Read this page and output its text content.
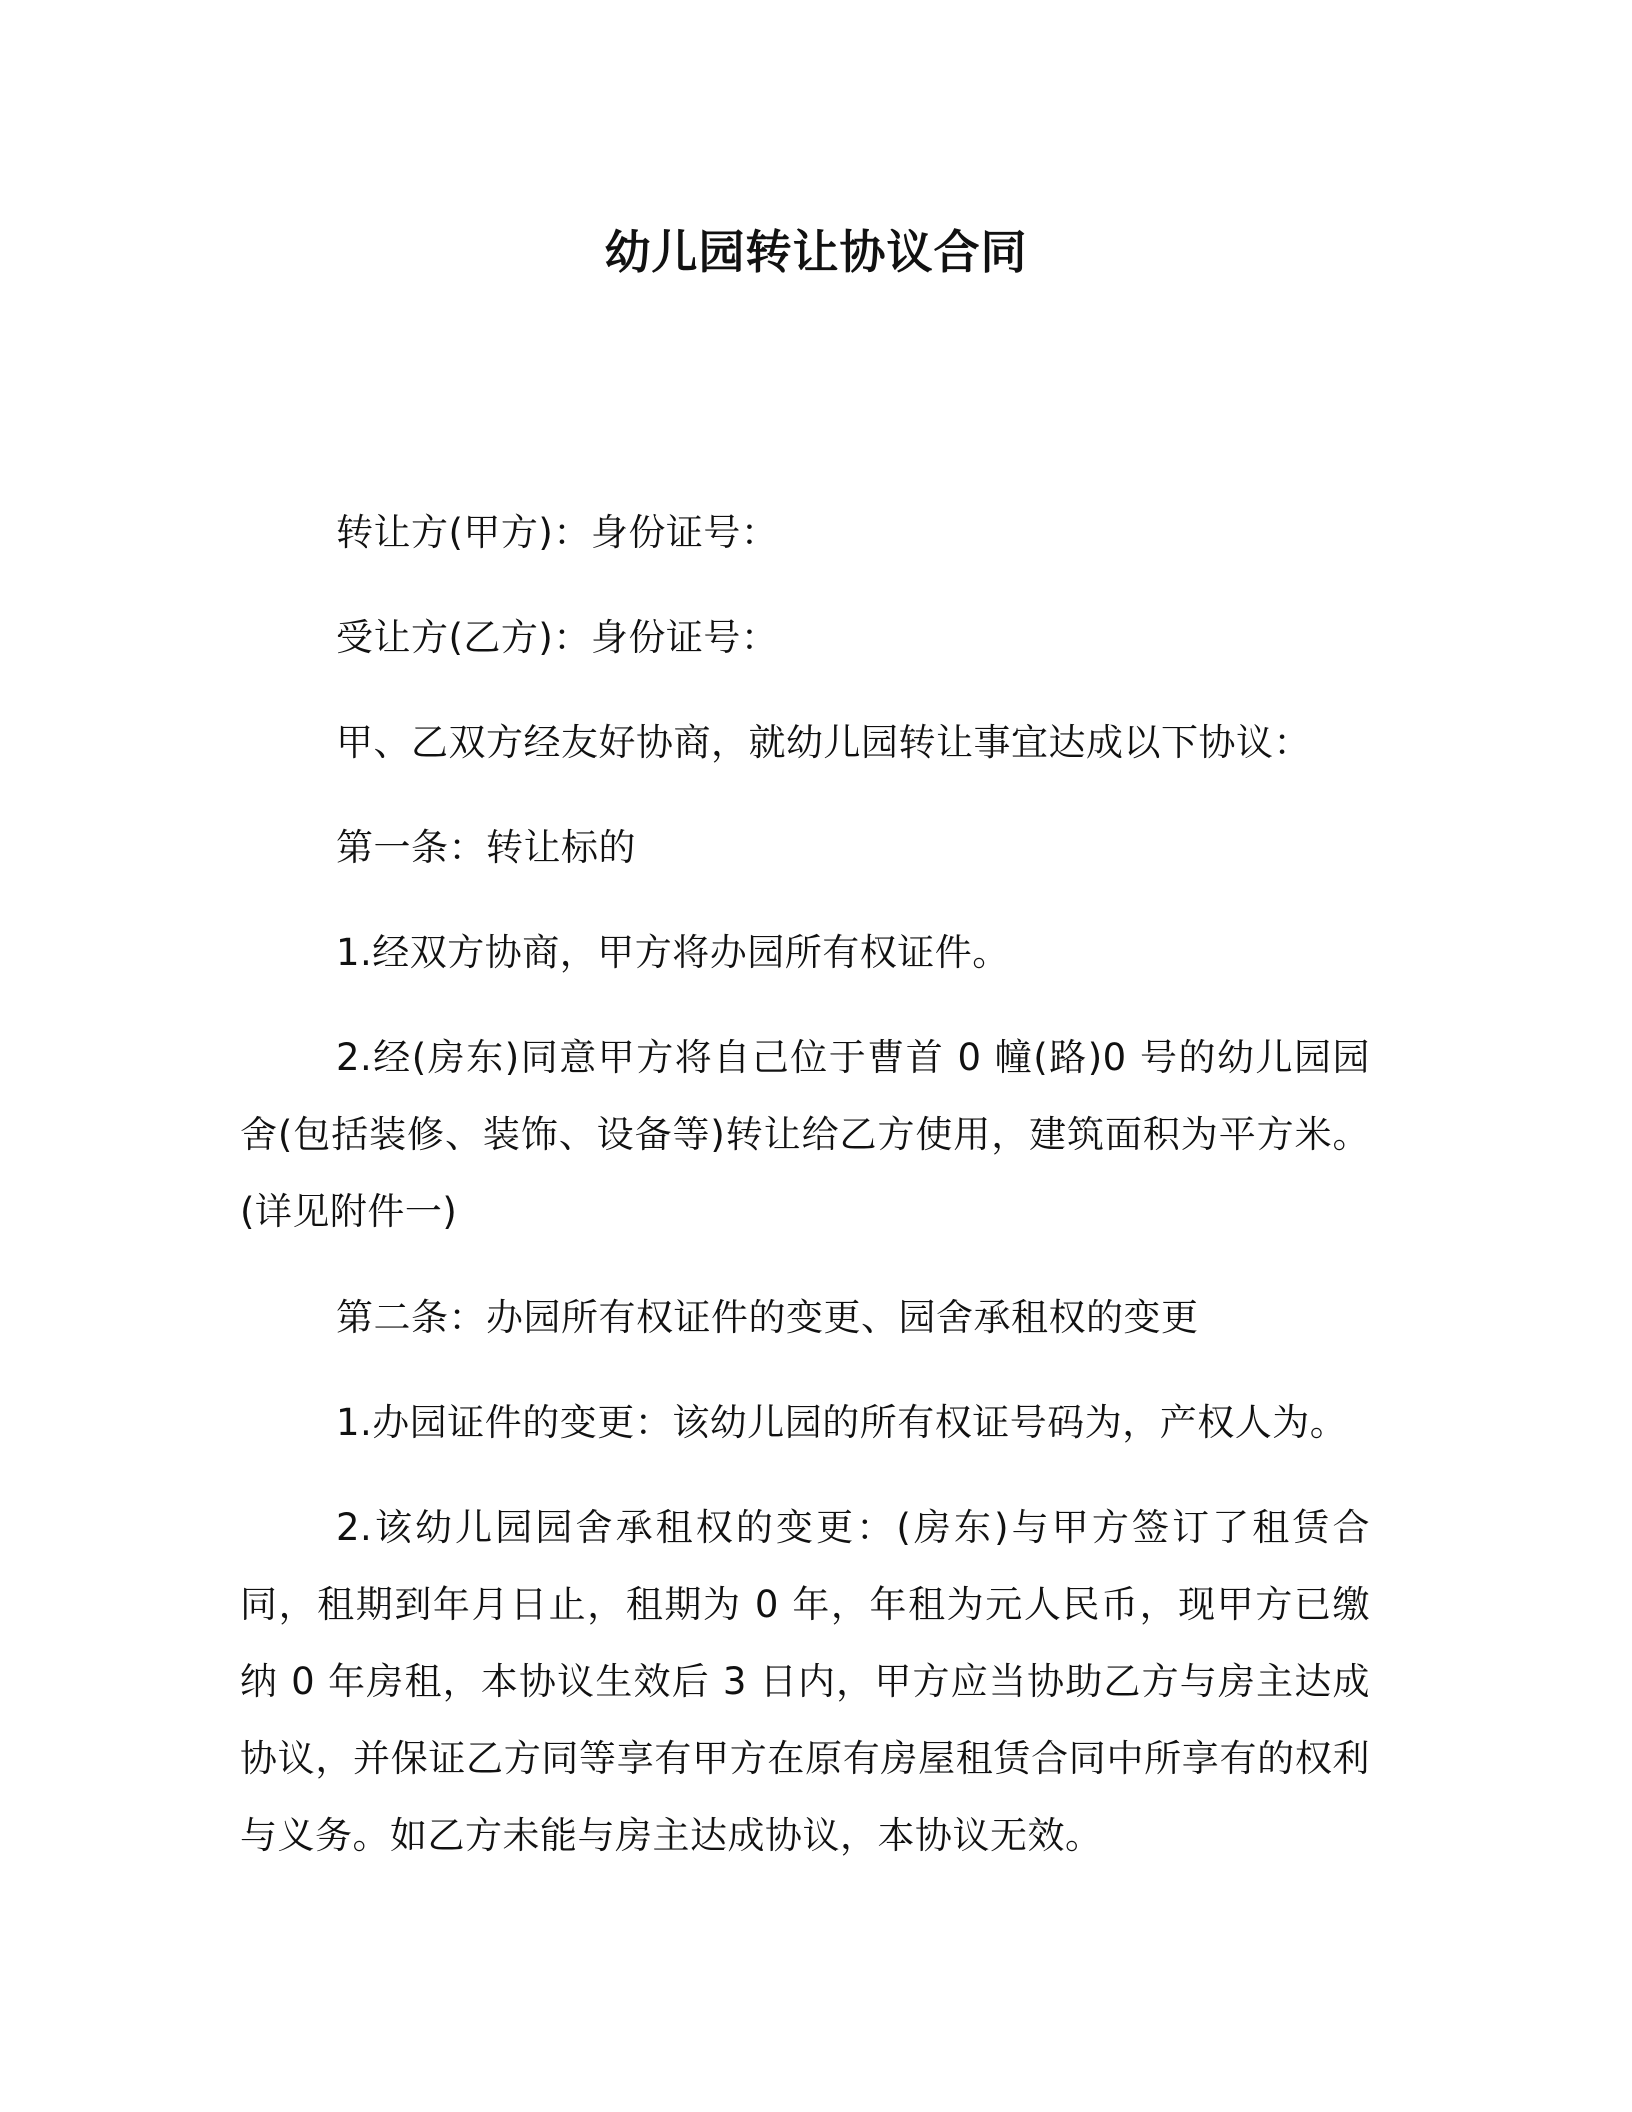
幼儿园转让协议合同

转让方(甲方)：身份证号：

受让方(乙方)：身份证号：

甲、乙双方经友好协商，就幼儿园转让事宜达成以下协议：

第一条：转让标的

1.经双方协商，甲方将办园所有权证件。

2.经(房东)同意甲方将自己位于曹首 0 幢(路)0 号的幼儿园园舍(包括装修、装饰、设备等)转让给乙方使用，建筑面积为平方米。(详见附件一)

第二条：办园所有权证件的变更、园舍承租权的变更

1.办园证件的变更：该幼儿园的所有权证号码为，产权人为。

2.该幼儿园园舍承租权的变更：(房东)与甲方签订了租赁合同，租期到年月日止，租期为 0 年，年租为元人民币，现甲方已缴纳 0 年房租，本协议生效后 3 日内，甲方应当协助乙方与房主达成协议，并保证乙方同等享有甲方在原有房屋租赁合同中所享有的权利与义务。如乙方未能与房主达成协议，本协议无效。
